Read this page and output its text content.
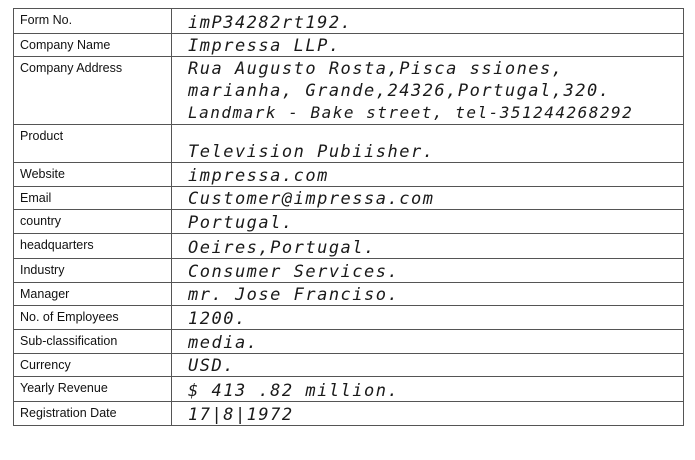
Form No.	imP34282rt192.
Company Name	Impressa LLP.
Company Address	Rua Augusto Rosta,Pisca ssiones,
marianha, Grande,24326,Portugal,320.
Landmark - Bake street, tel-351244268292

Product	Television Pubiisher.
Website	impressa.com
Email	Customer@impressa.com
country	Portugal.
headquarters	Oeires,Portugal.
Industry	Consumer Services.
Manager	mr. Jose Franciso.
No. of Employees	1200.
Sub-classification	media.
Currency	USD.
Yearly Revenue	$ 413 .82 million.
Registration Date	17|8|1972
